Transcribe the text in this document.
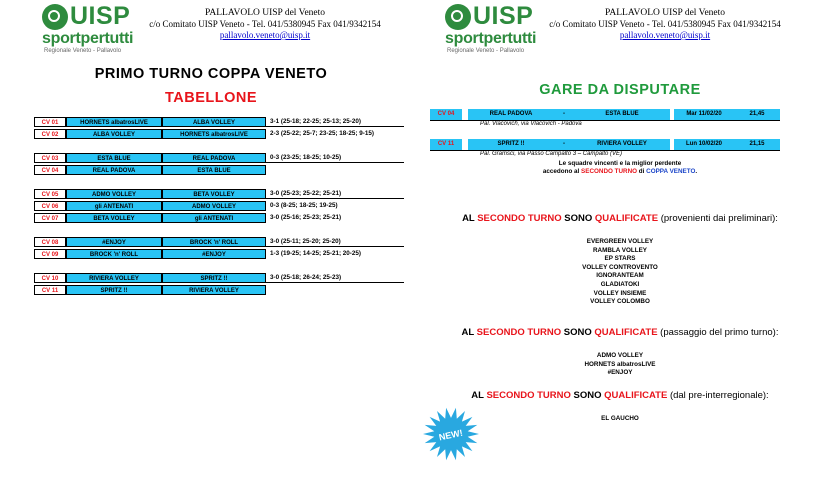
UISP
sportpertutti
Regionale Veneto - Pallavolo
PALLAVOLO UISP del Veneto
c/o Comitato UISP Veneto - Tel. 041/5380945 Fax 041/9342154
pallavolo.veneto@uisp.it
UISP
sportpertutti
Regionale Veneto - Pallavolo
PALLAVOLO UISP del Veneto
c/o Comitato UISP Veneto - Tel. 041/5380945 Fax 041/9342154
pallavolo.veneto@uisp.it
PRIMO TURNO COPPA VENETO
TABELLONE
CV 01	HORNETS albatrosLIVE	ALBA VOLLEY	3-1 (25-18; 22-25; 25-13; 25-20)
CV 02	ALBA VOLLEY	HORNETS albatrosLIVE	2-3 (25-22; 25-7; 23-25; 18-25; 9-15)
CV 03	ESTA BLUE	REAL PADOVA	0-3 (23-25; 18-25; 10-25)
CV 04	REAL PADOVA	ESTA BLUE
CV 05	ADMO VOLLEY	BETA VOLLEY	3-0 (25-23; 25-22; 25-21)
CV 06	gli ANTENATI	ADMO VOLLEY	0-3 (8-25; 18-25; 19-25)
CV 07	BETA VOLLEY	gli ANTENATI	3-0 (25-16; 25-23; 25-21)
CV 08	#ENJOY	BROCK 'n' ROLL	3-0 (25-11; 25-20; 25-20)
CV 09	BROCK 'n' ROLL	#ENJOY	1-3 (19-25; 14-25; 25-21; 20-25)
CV 10	RIVIERA VOLLEY	SPRITZ !!	3-0 (25-18; 26-24; 25-23)
CV 11	SPRITZ !!	RIVIERA VOLLEY
GARE DA DISPUTARE
CV 04	REAL PADOVA	-	ESTA BLUE	Mar 11/02/20	21,45
Pal. Vlacovich, via Vlacovich - Padova
CV 11	SPRITZ !!	-	RIVIERA VOLLEY	Lun 10/02/20	21,15
Pal. Gramsci, via Passo Campalto 3 – Campalto (VE)
Le squadre vincenti e la miglior perdente
accedono al SECONDO TURNO di COPPA VENETO.
AL SECONDO TURNO SONO QUALIFICATE (provenienti dai preliminari):
EVERGREEN VOLLEY
RAMBLA VOLLEY
EP STARS
VOLLEY CONTROVENTO
IGNORANTEAM
GLADIATOKI
VOLLEY INSIEME
VOLLEY COLOMBO
AL SECONDO TURNO SONO QUALIFICATE (passaggio del primo turno):
ADMO VOLLEY
HORNETS albatrosLIVE
#ENJOY
AL SECONDO TURNO SONO QUALIFICATE (dal pre-interregionale):
EL GAUCHO
NEW!
